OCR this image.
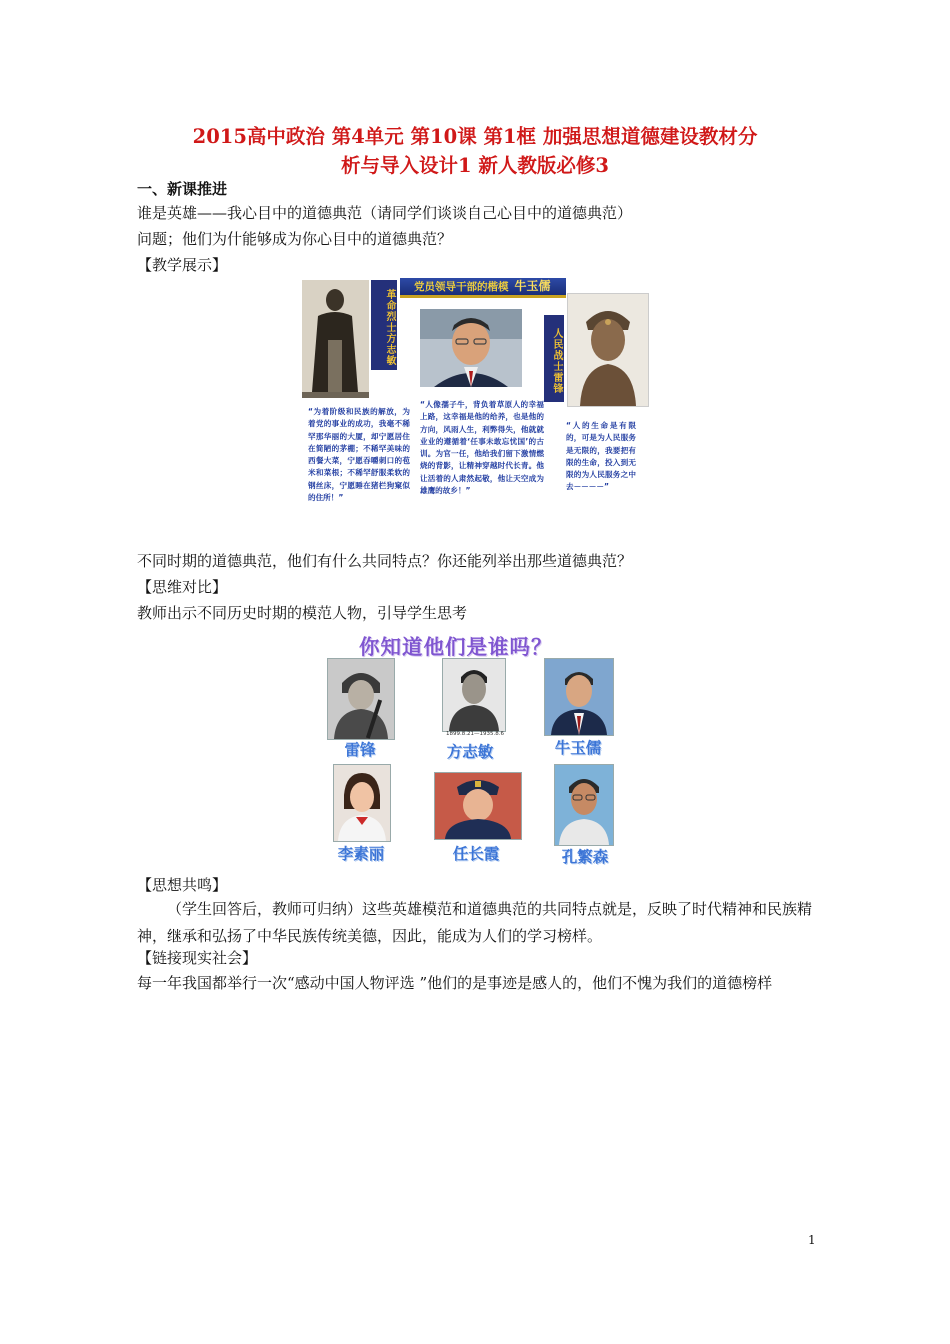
2015高中政治 第4单元 第10课 第1框 加强思想道德建设教材分
析与导入设计1 新人教版必修3
一、新课推进
谁是英雄——我心目中的道德典范（请同学们谈谈自己心目中的道德典范）
问题；他们为什能够成为你心目中的道德典范？
【教学展示】
革命烈士方志敏
党员领导干部的楷模 牛玉儒
人民战士雷锋
“为着阶级和民族的解放，为着党的事业的成功，我毫不稀罕那华丽的大厦，却宁愿居住在简陋的茅棚；不稀罕美味的西餐大菜，宁愿吞嚼刺口的苞米和菜根；不稀罕舒服柔软的钢丝床，宁愿睡在猪栏狗窠似的住所！”
“人像孺子牛，背负着草原人的幸福上路，这幸福是他的给养，也是他的方向，风雨人生，利弊得失，他就就业业的遵循着‘任事未敢忘忧国’的古训。为官一任，他给我们留下激情燃烧的背影，让精神穿越时代长青。他让活着的人肃然起敬，他让天空成为雄鹰的故乡！”
“人的生命是有限的，可是为人民服务是无限的，我要把有限的生命，投入到无限的为人民服务之中去－－－－”
不同时期的道德典范，他们有什么共同特点？你还能列举出那些道德典范？
【思维对比】
教师出示不同历史时期的模范人物，引导学生思考
你知道他们是谁吗？
1899.8.21—1935.8.6
雷锋	方志敏	牛玉儒
李素丽	任长霞	孔繁森
【思想共鸣】
（学生回答后，教师可归纳）这些英雄模范和道德典范的共同特点就是，反映了时代精神和民族精神，继承和弘扬了中华民族传统美德，因此，能成为人们的学习榜样。
【链接现实社会】
每一年我国都举行一次“感动中国人物评选 ”他们的是事迹是感人的，他们不愧为我们的道德榜样
1
